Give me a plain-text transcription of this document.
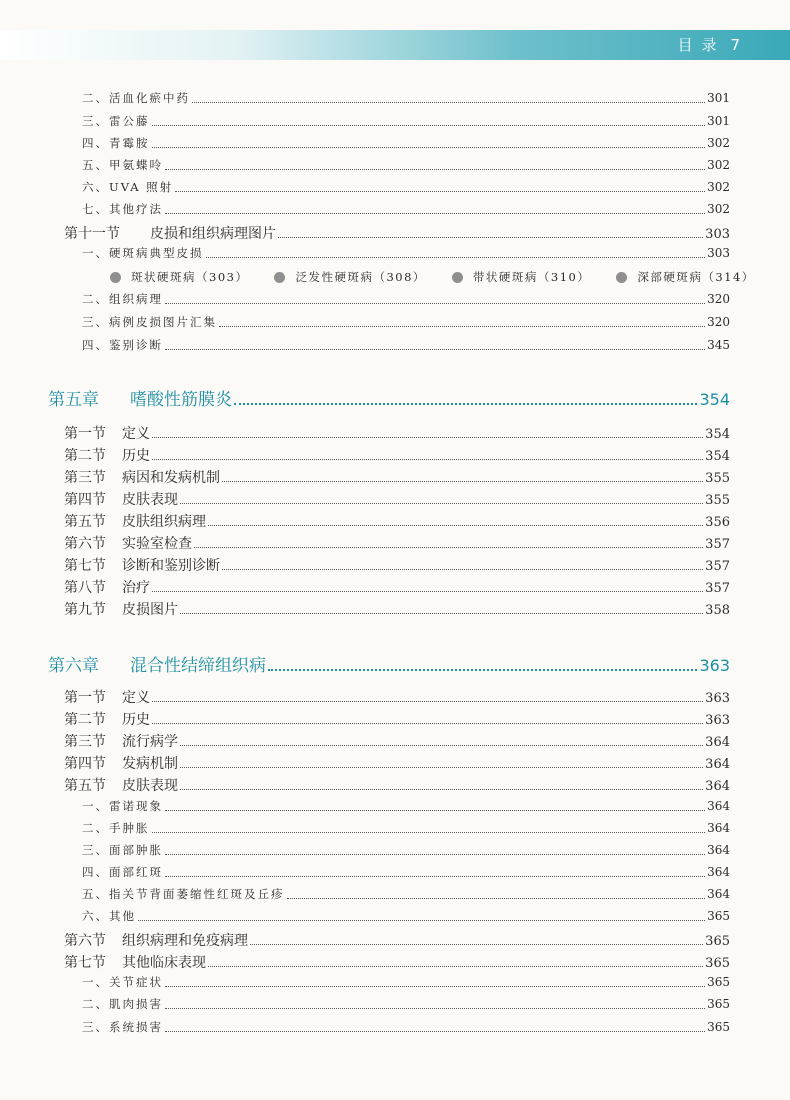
目 录 7
二、活血化瘀中药	301
三、雷公藤	301
四、青霉胺	302
五、甲氨蝶呤	302
六、UVA 照射	302
七、其他疗法	302
第十一节 皮损和组织病理图片	303
一、硬斑病典型皮损	303
斑状硬斑病（303）	泛发性硬斑病（308）	带状硬斑病（310）	深部硬斑病（314）
二、组织病理	320
三、病例皮损图片汇集	320
四、鉴别诊断	345
第五章 嗜酸性筋膜炎	354
第一节 定义	354
第二节 历史	354
第三节 病因和发病机制	355
第四节 皮肤表现	355
第五节 皮肤组织病理	356
第六节 实验室检查	357
第七节 诊断和鉴别诊断	357
第八节 治疗	357
第九节 皮损图片	358
第六章 混合性结缔组织病	363
第一节 定义	363
第二节 历史	363
第三节 流行病学	364
第四节 发病机制	364
第五节 皮肤表现	364
一、雷诺现象	364
二、手肿胀	364
三、面部肿胀	364
四、面部红斑	364
五、指关节背面萎缩性红斑及丘疹	364
六、其他	365
第六节 组织病理和免疫病理	365
第七节 其他临床表现	365
一、关节症状	365
二、肌肉损害	365
三、系统损害	365
